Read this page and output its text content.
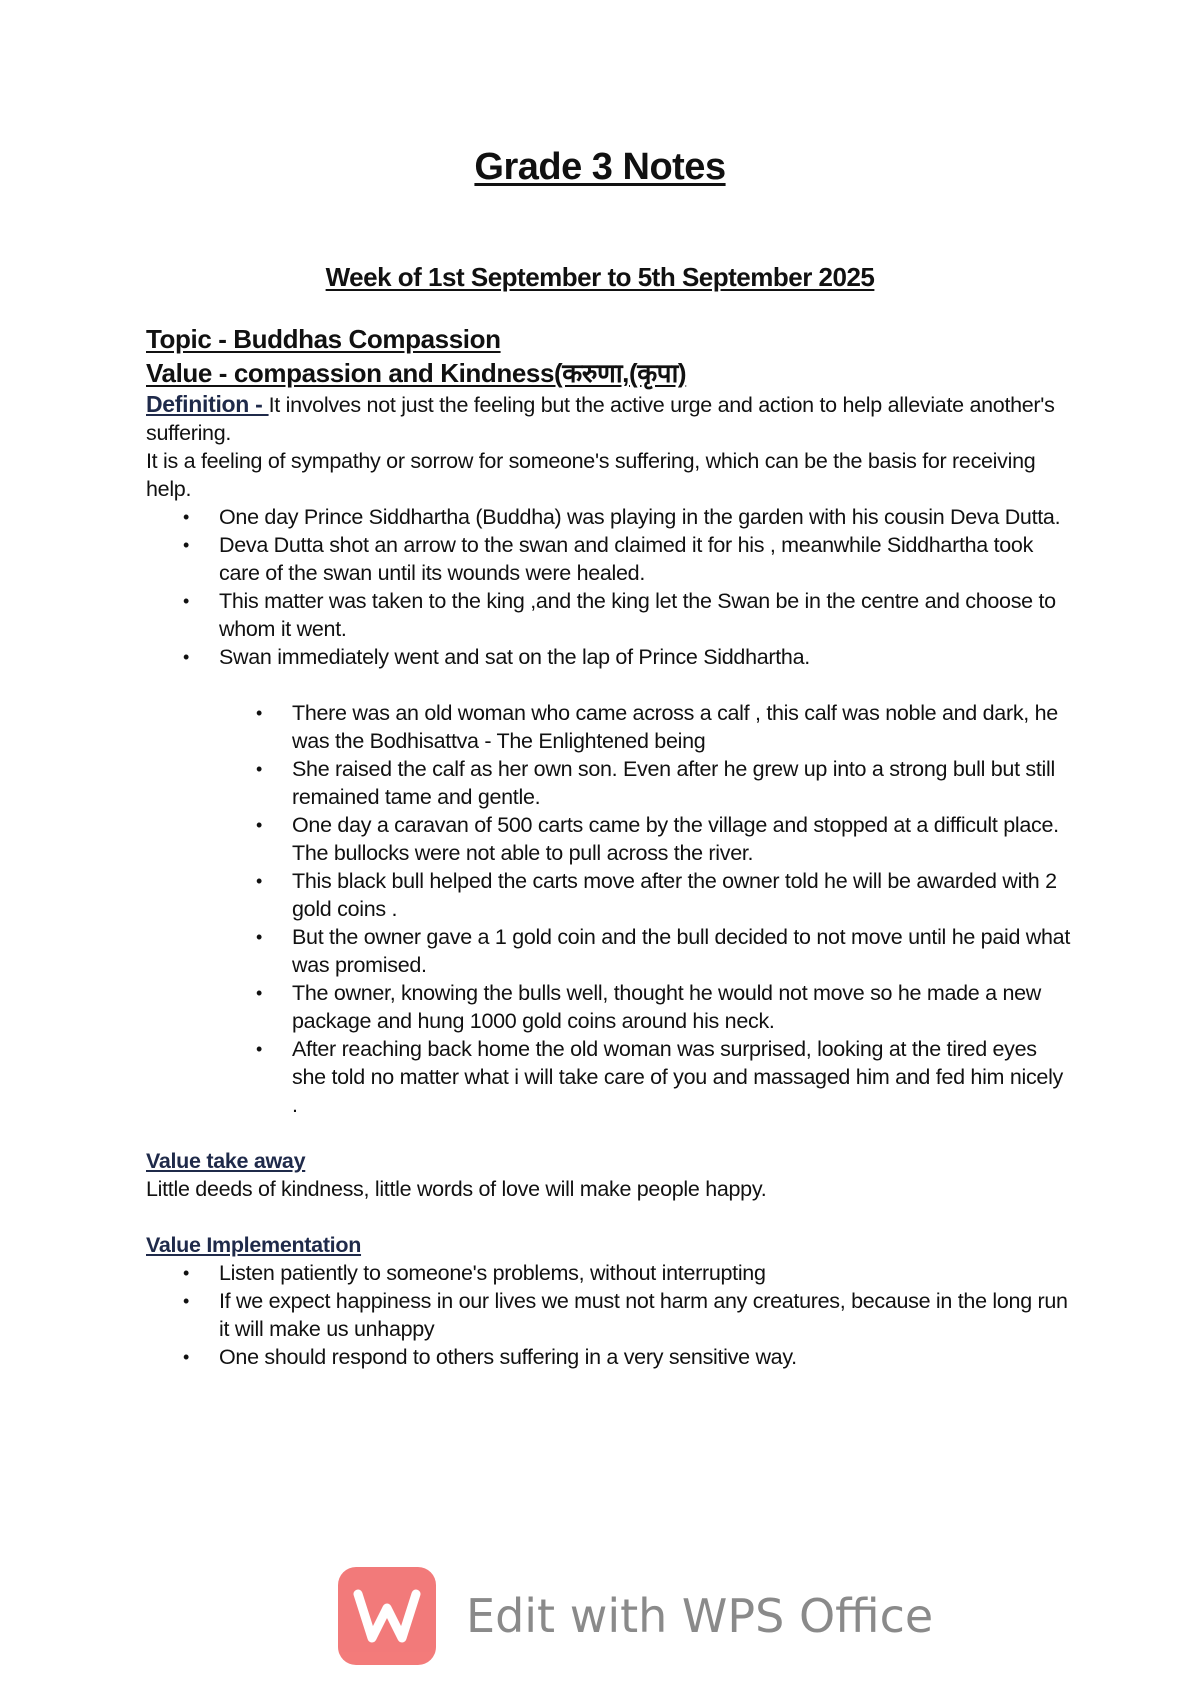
Grade 3 Notes
Week of 1st September to 5th September 2025
Topic - Buddhas Compassion
Value - compassion and Kindness(करुणा,(कृपा)

Definition - It involves not just the feeling but the active urge and action to help alleviate another's suffering.

It is a feeling of sympathy or sorrow for someone's suffering, which can be the basis for receiving help.

• One day Prince Siddhartha (Buddha) was playing in the garden with his cousin Deva Dutta.
• Deva Dutta shot an arrow to the swan and claimed it for his , meanwhile Siddhartha took care of the swan until its wounds were healed.
• This matter was taken to the king ,and the king let the Swan be in the centre and choose to whom it went.
• Swan immediately went and sat on the lap of Prince Siddhartha.
• There was an old woman who came across a calf , this calf was noble and dark, he was the Bodhisattva - The Enlightened being
• She raised the calf as her own son. Even after he grew up into a strong bull but still remained tame and gentle.
• One day a caravan of 500 carts came by the village and stopped at a difficult place. The bullocks were not able to pull across the river.
• This black bull helped the carts move after the owner told he will be awarded with 2 gold coins .
• But the owner gave a 1 gold coin and the bull decided to not move until he paid what was promised.
• The owner, knowing the bulls well, thought he would not move so he made a new package and hung 1000 gold coins around his neck.
• After reaching back home the old woman was surprised, looking at the tired eyes she told no matter what i will take care of you and massaged him and fed him nicely .
Value take away

Little deeds of kindness, little words of love will make people happy.

Value Implementation
• Listen patiently to someone's problems, without interrupting
• If we expect happiness in our lives we must not harm any creatures, because in the long run it will make us unhappy
• One should respond to others suffering in a very sensitive way.
Edit with WPS Office
